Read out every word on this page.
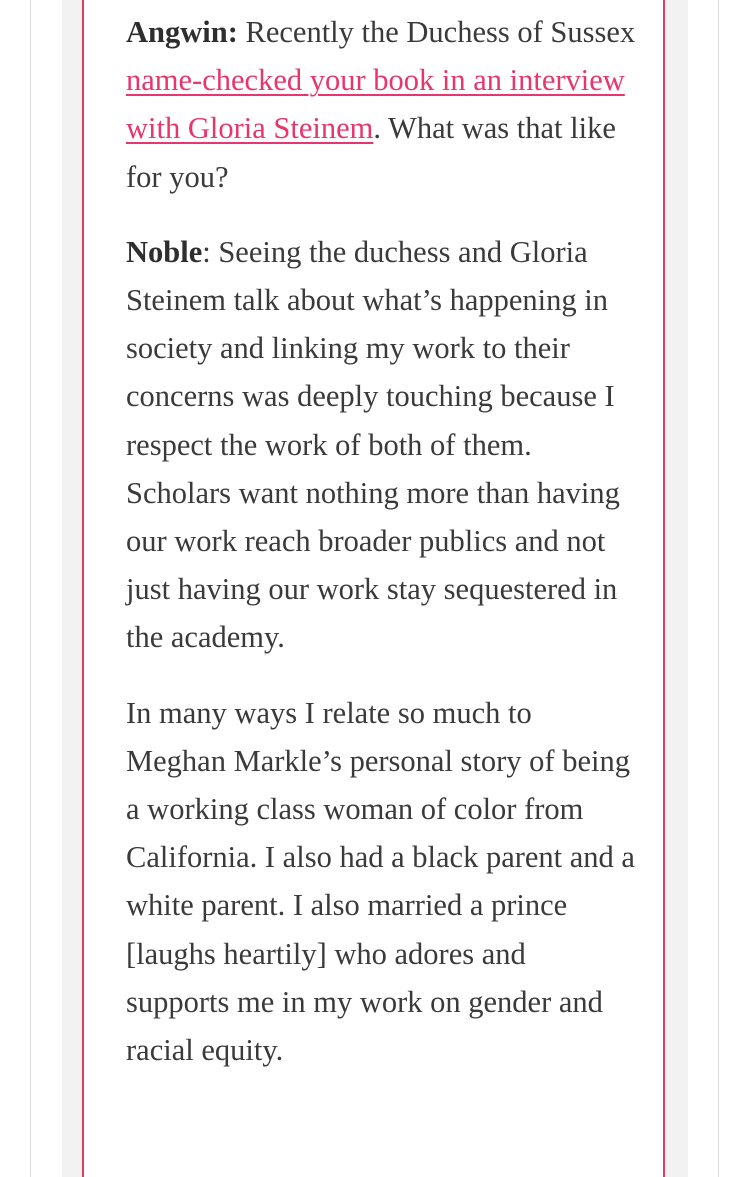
Angwin: Recently the Duchess of Sussex name-checked your book in an interview with Gloria Steinem. What was that like for you?

Noble: Seeing the duchess and Gloria Steinem talk about what’s happening in society and linking my work to their concerns was deeply touching because I respect the work of both of them. Scholars want nothing more than having our work reach broader publics and not just having our work stay sequestered in the academy.

In many ways I relate so much to Meghan Markle’s personal story of being a working class woman of color from California. I also had a black parent and a white parent. I also married a prince [laughs heartily] who adores and supports me in my work on gender and racial equity.
